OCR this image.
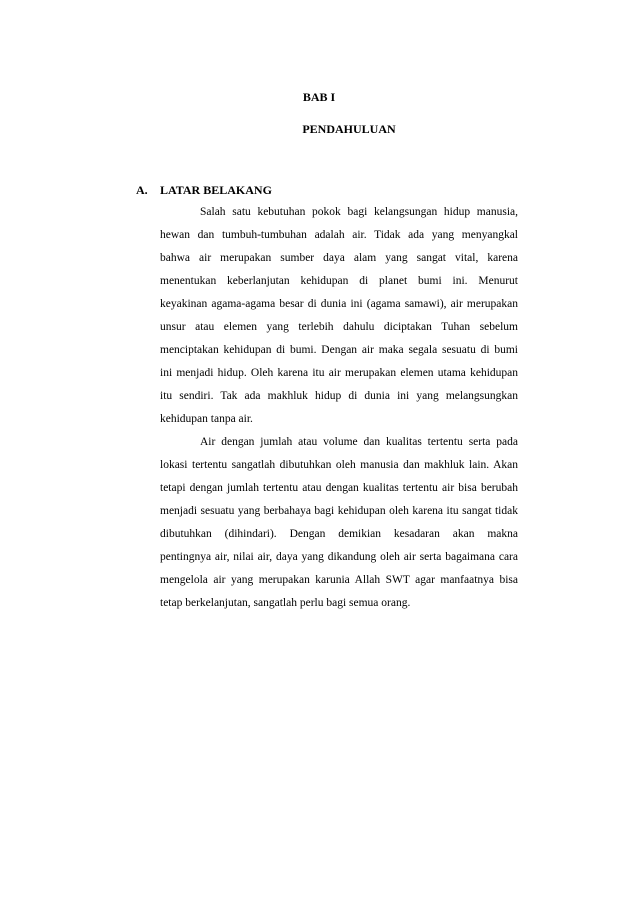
BAB I
PENDAHULUAN
A. LATAR BELAKANG
Salah satu kebutuhan pokok bagi kelangsungan hidup manusia,
hewan dan tumbuh-tumbuhan adalah air. Tidak ada yang menyangkal
bahwa air merupakan sumber daya alam yang sangat vital, karena
menentukan keberlanjutan kehidupan di planet bumi ini. Menurut
keyakinan agama-agama besar di dunia ini (agama samawi), air merupakan
unsur atau elemen yang terlebih dahulu diciptakan Tuhan sebelum
menciptakan kehidupan di bumi. Dengan air maka segala sesuatu di bumi
ini menjadi hidup. Oleh karena itu air merupakan elemen utama kehidupan
itu sendiri. Tak ada makhluk hidup di dunia ini yang melangsungkan
kehidupan tanpa air.
Air dengan jumlah atau volume dan kualitas tertentu serta pada
lokasi tertentu sangatlah dibutuhkan oleh manusia dan makhluk lain. Akan
tetapi dengan jumlah tertentu atau dengan kualitas tertentu air bisa berubah
menjadi sesuatu yang berbahaya bagi kehidupan oleh karena itu sangat tidak
dibutuhkan (dihindari). Dengan demikian kesadaran akan makna
pentingnya air, nilai air, daya yang dikandung oleh air serta bagaimana cara
mengelola air yang merupakan karunia Allah SWT agar manfaatnya bisa
tetap berkelanjutan, sangatlah perlu bagi semua orang.
